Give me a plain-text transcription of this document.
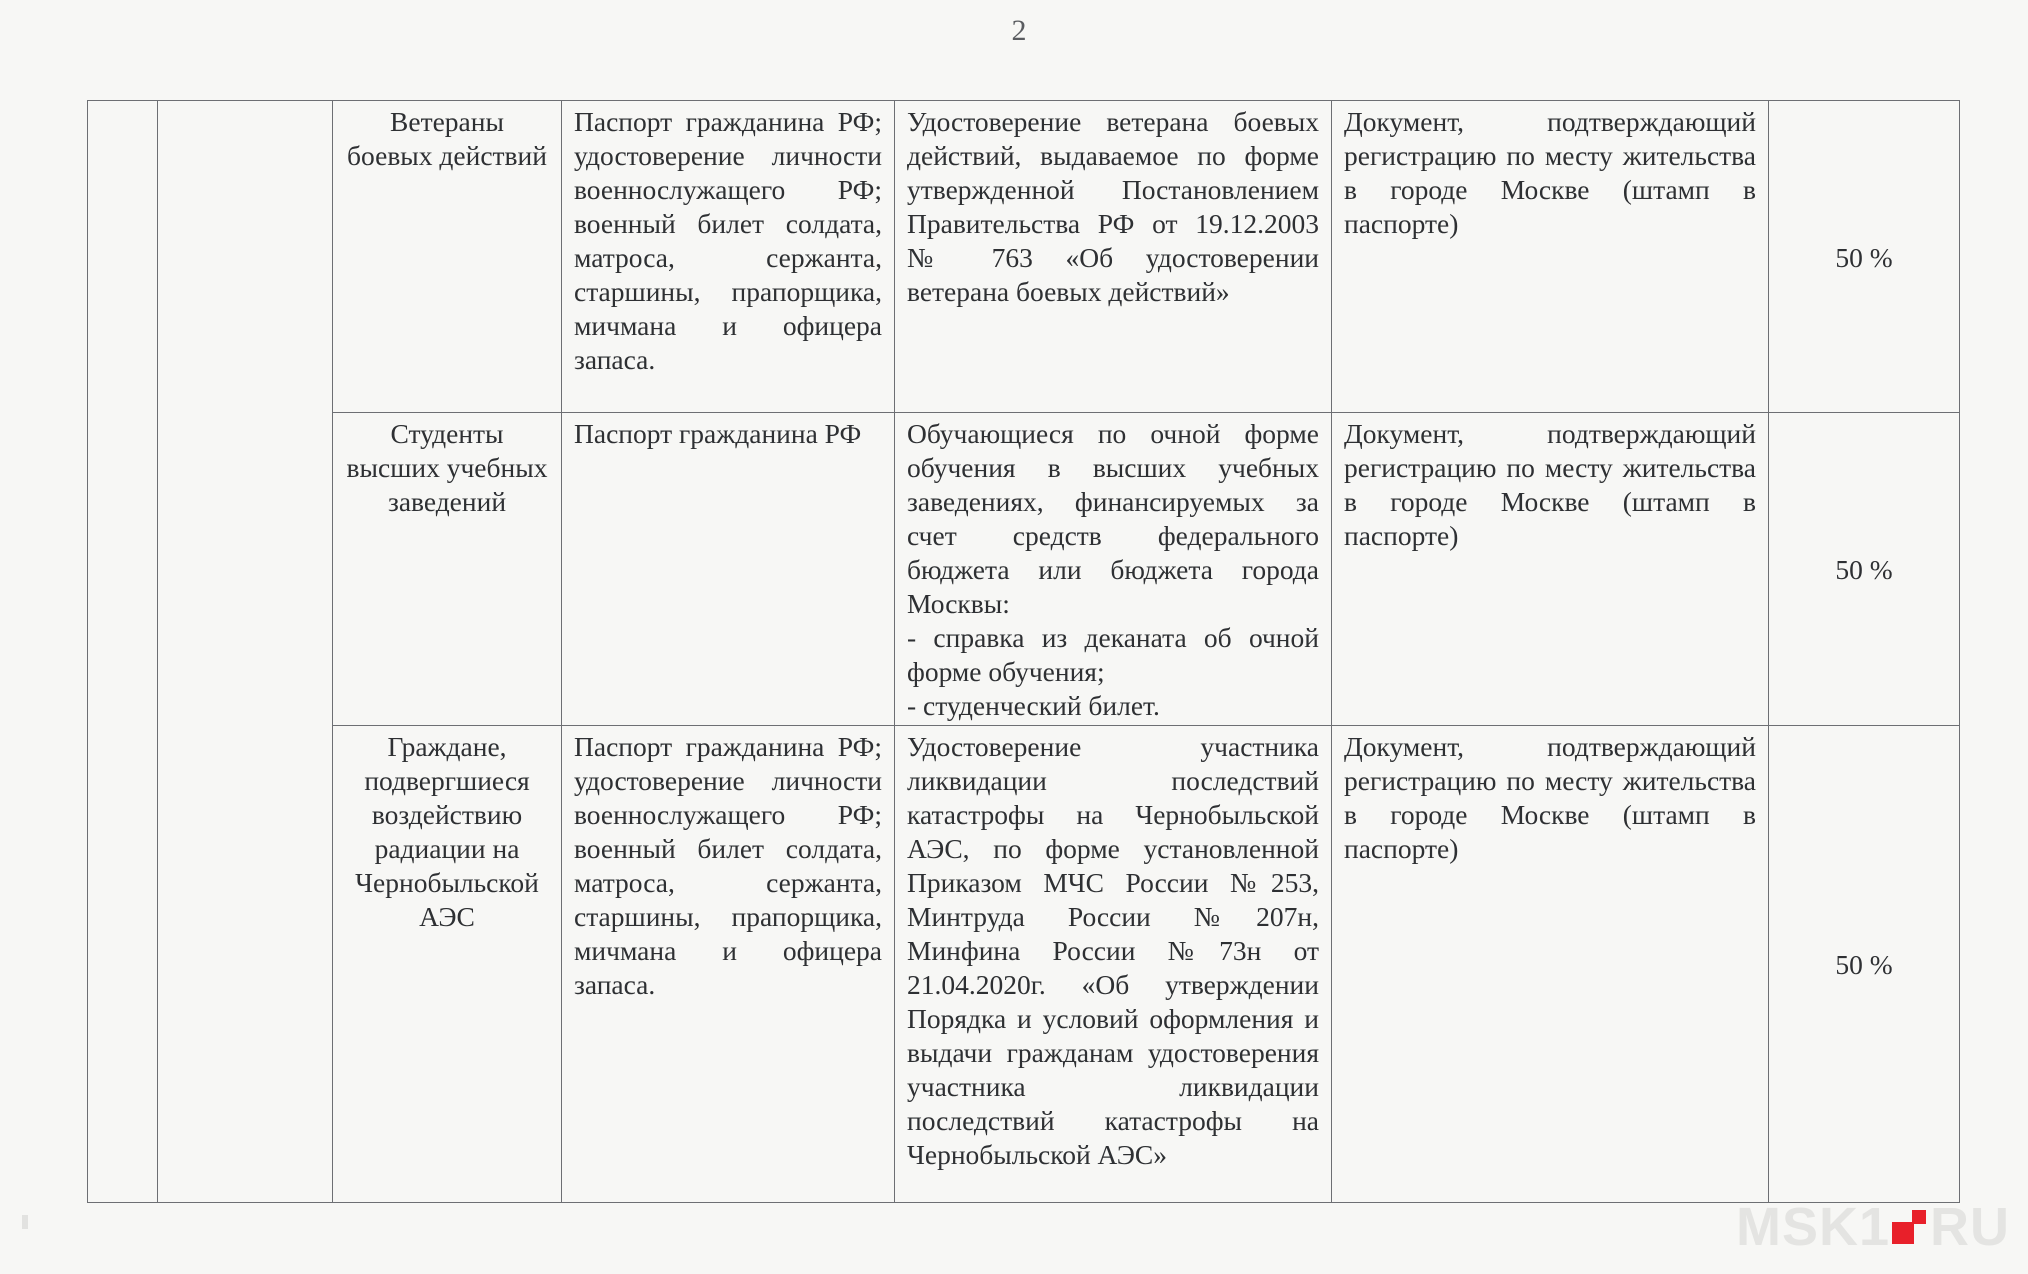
2
		Ветераны боевых действий	Паспорт гражданина РФ; удостоверение личности военнослужащего РФ; военный билет солдата, матроса, сержанта, старшины, прапорщика, мичмана и офицера запаса.	Удостоверение ветерана боевых действий, выдаваемое по форме утвержденной Постановлением Правительства РФ от 19.12.2003 № 763 «Об удостоверении ветерана боевых действий»	Документ, подтверждающий регистрацию по месту жительства в городе Москве (штамп в паспорте)	50 %
		Студенты высших учебных заведений	Паспорт гражданина РФ	Обучающиеся по очной форме обучения в высших учебных заведениях, финансируемых за счет средств федерального бюджета или бюджета города Москвы:
- справка из деканата об очной форме обучения;
- студенческий билет.	Документ, подтверждающий регистрацию по месту жительства в городе Москве (штамп в паспорте)	50 %
		Граждане, подвергшиеся воздействию радиации на Чернобыльской АЭС	Паспорт гражданина РФ; удостоверение личности военнослужащего РФ; военный билет солдата, матроса, сержанта, старшины, прапорщика, мичмана и офицера запаса.	Удостоверение участника ликвидации последствий катастрофы на Чернобыльской АЭС, по форме установленной Приказом МЧС России №253, Минтруда России №207н, Минфина России №73н от 21.04.2020г. «Об утверждении Порядка и условий оформления и выдачи гражданам удостоверения участника ликвидации последствий катастрофы на Чернобыльской АЭС»	Документ, подтверждающий регистрацию по месту жительства в городе Москве (штамп в паспорте)	50 %
MSK1 RU
